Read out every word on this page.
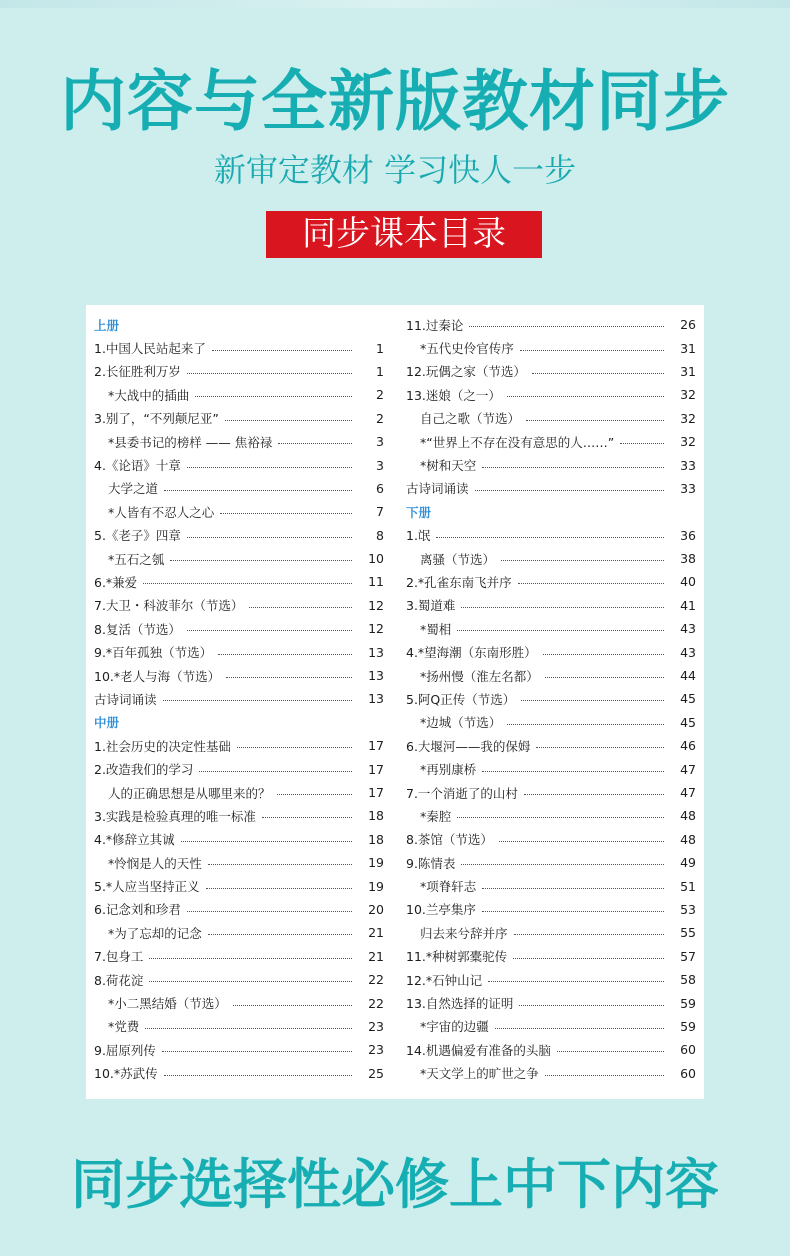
内容与全新版教材同步
新审定教材 学习快人一步
同步课本目录
上册
1.中国人民站起来了	1
2.长征胜利万岁	1
*大战中的插曲	2
3.别了，“不列颠尼亚”	2
*县委书记的榜样 —— 焦裕禄	3
4.《论语》十章	3
大学之道	6
*人皆有不忍人之心	7
5.《老子》四章	8
*五石之瓠	10
6.*兼爱	11
7.大卫・科波菲尔（节选）	12
8.复活（节选）	12
9.*百年孤独（节选）	13
10.*老人与海（节选）	13
古诗词诵读	13
中册
1.社会历史的决定性基础	17
2.改造我们的学习	17
人的正确思想是从哪里来的？	17
3.实践是检验真理的唯一标准	18
4.*修辞立其诚	18
*怜悯是人的天性	19
5.*人应当坚持正义	19
6.记念刘和珍君	20
*为了忘却的记念	21
7.包身工	21
8.荷花淀	22
*小二黑结婚（节选）	22
*党费	23
9.屈原列传	23
10.*苏武传	25
11.过秦论	26
*五代史伶官传序	31
12.玩偶之家（节选）	31
13.迷娘（之一）	32
自己之歌（节选）	32
*“世界上不存在没有意思的人……”	32
*树和天空	33
古诗词诵读	33
下册
1.氓	36
离骚（节选）	38
2.*孔雀东南飞并序	40
3.蜀道难	41
*蜀相	43
4.*望海潮（东南形胜）	43
*扬州慢（淮左名都）	44
5.阿Q正传（节选）	45
*边城（节选）	45
6.大堰河——我的保姆	46
*再别康桥	47
7.一个消逝了的山村	47
*秦腔	48
8.茶馆（节选）	48
9.陈情表	49
*项脊轩志	51
10.兰亭集序	53
归去来兮辞并序	55
11.*种树郭橐驼传	57
12.*石钟山记	58
13.自然选择的证明	59
*宇宙的边疆	59
14.机遇偏爱有准备的头脑	60
*天文学上的旷世之争	60
同步选择性必修上中下内容
